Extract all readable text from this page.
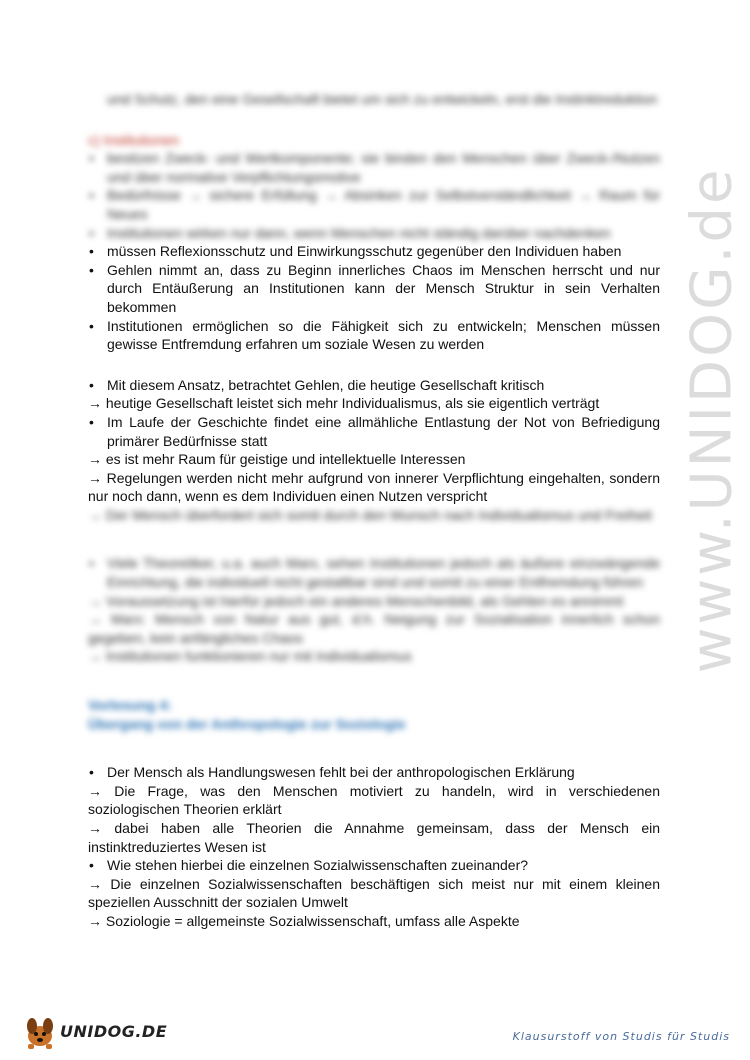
www.UNIDOG.de
und Schutz, den eine Gesellschaft bietet um sich zu entwickeln, erst die Instinktreduktion
c) Institutionen
• besitzen Zweck- und Wertkomponente; sie binden den Menschen über Zweck-/Nutzen und über normative Verpflichtungsmotive
• Bedürfnisse → sichere Erfüllung → Absinken zur Selbstverständlichkeit → Raum für Neues
• Institutionen wirken nur dann, wenn Menschen nicht ständig darüber nachdenken
• müssen Reflexionsschutz und Einwirkungsschutz gegenüber den Individuen haben
• Gehlen nimmt an, dass zu Beginn innerliches Chaos im Menschen herrscht und nur durch Entäußerung an Institutionen kann der Mensch Struktur in sein Verhalten bekommen
• Institutionen ermöglichen so die Fähigkeit sich zu entwickeln; Menschen müssen gewisse Entfremdung erfahren um soziale Wesen zu werden
• Mit diesem Ansatz, betrachtet Gehlen, die heutige Gesellschaft kritisch
→ heutige Gesellschaft leistet sich mehr Individualismus, als sie eigentlich verträgt
• Im Laufe der Geschichte findet eine allmähliche Entlastung der Not von Befriedigung primärer Bedürfnisse statt
→ es ist mehr Raum für geistige und intellektuelle Interessen
→ Regelungen werden nicht mehr aufgrund von innerer Verpflichtung eingehalten, sondern nur noch dann, wenn es dem Individuen einen Nutzen verspricht
→ Der Mensch überfordert sich somit durch den Wunsch nach Individualismus und Freiheit
• Viele Theoretiker, u.a. auch Marx, sehen Institutionen jedoch als äußere einzwängende Einrichtung, die individuell nicht gestaltbar sind und somit zu einer Entfremdung führen
→ Voraussetzung ist hierfür jedoch ein anderes Menschenbild, als Gehlen es annimmt
→ Marx: Mensch von Natur aus gut, d.h. Neigung zur Sozialisation innerlich schon gegeben, kein anfängliches Chaos
→ Institutionen funktionieren nur mit Individualismus
Vorlesung 4:
Übergang von der Anthropologie zur Soziologie
• Der Mensch als Handlungswesen fehlt bei der anthropologischen Erklärung
→ Die Frage, was den Menschen motiviert zu handeln, wird in verschiedenen soziologischen Theorien erklärt
→ dabei haben alle Theorien die Annahme gemeinsam, dass der Mensch ein instinktreduziertes Wesen ist
• Wie stehen hierbei die einzelnen Sozialwissenschaften zueinander?
→ Die einzelnen Sozialwissenschaften beschäftigen sich meist nur mit einem kleinen speziellen Ausschnitt der sozialen Umwelt
→ Soziologie = allgemeinste Sozialwissenschaft, umfass alle Aspekte
UNIDOG.DE	Klausurstoff von Studis für Studis
